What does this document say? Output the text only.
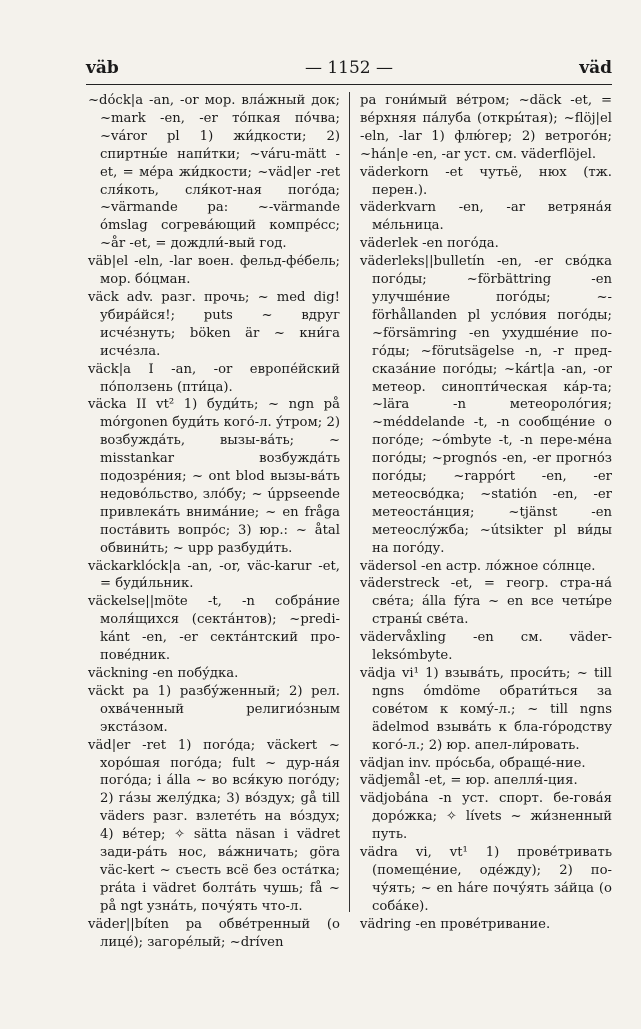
väb	— 1152 —	väd

~dóck|a -an, -or мор. вла́жный док; ~mark -en, -er то́пкая по́чва; ~váror pl 1) жи́дкости; 2) спиртны́е напи́тки; ~váru-mätt -et, = ме́ра жи́дкости; ~väd|er -ret сля́коть, сля́кот-ная пого́да; ~värmande pa: ~-värmande ómslag согрева́ющий компре́сс; ~år -et, = дождли́-вый год.

väb|el -eln, -lar воен. фельд-фе́бель; мор. бо́цман.

väck adv. разг. прочь; ~ med dig! убира́йся!; puts ~ вдруг исче́знуть; böken är ~ кни́га исче́зла.

väck|a I -an, -or европе́йский по́ползень (пти́ца).

väcka II vt² 1) буди́ть; ~ ngn på mórgonen буди́ть кого́-л. у́тром; 2) возбужда́ть, вызы-ва́ть; ~ misstankar возбужда́ть подозре́ния; ~ ont blod вызы-ва́ть недово́льство, зло́бу; ~ úppseende привлека́ть внима́ние; ~ en fråga поста́вить вопро́с; 3) юр.: ~ åtal обвини́ть; ~ upp разбуди́ть.

väckarklóck|a -an, -or, väc-karur -et, = буди́льник.

väckelse||möte -t, -n собра́ние моля́щихся (секта́нтов); ~predi-kánt -en, -er секта́нтский про-пове́дник.

väckning -en побу́дка.

väckt pa 1) разбу́женный; 2) рел. охва́ченный религио́зным экста́зом.

väd|er -ret 1) пого́да; väckert ~ хоро́шая пого́да; fult ~ дур-на́я пого́да; i álla ~ во вся́кую пого́ду; 2) га́зы желу́дка; 3) во́здух; gå till väders разг. взлете́ть на во́здух; 4) ве́тер; ✧ sätta näsan i vädret зади-ра́ть нос, ва́жничать; göra väc-kert ~ съесть всё без оста́тка; práta i vädret болта́ть чушь; få ~ på ngt узна́ть, почу́ять что-л.

väder||bíten pa обве́тренный (о лице́); загоре́лый; ~dríven

pa гони́мый ве́тром; ~däck -et, = ве́рхняя па́луба (откры́тая); ~flöj|el -eln, -lar 1) флю́гер; 2) ветрого́н; ~hán|e -en, -ar уст. см. väderflöjel.

väderkorn -et чутьё, нюх (тж. перен.).

väderkvarn -en, -ar ветряна́я ме́льница.

väderlek -en пого́да.

väderleks||bulletín -en, -er сво́дка пого́ды; ~förbättring -en улучше́ние пого́ды; ~-förhållanden pl усло́вия пого́ды; ~försämring -en ухудше́ние по-го́ды; ~förutsägelse -n, -r пред-сказа́ние пого́ды; ~kárt|a -an, -or метеор. синопти́ческая ка́р-та; ~lära -n метеороло́гия; ~méddelande -t, -n сообще́ние о пого́де; ~ómbyte -t, -n пере-ме́на пого́ды; ~prognós -en, -er прогно́з пого́ды; ~rappórt -en, -er метеосво́дка; ~statión -en, -er метеоста́нция; ~tjänst -en метеослу́жба; ~útsikter pl ви́ды на пого́ду.

vädersol -en астр. ло́жное со́лнце.

väderstreck -et, = геогр. стра-на́ све́та; álla fýra ~ en все четы́ре страны́ све́та.

vädervåxling -en см. väder-leksómbyte.

vädja vi¹ 1) взыва́ть, проси́ть; ~ till ngns ómdöme обрати́ться за сове́том к кому́-л.; ~ till ngns ädelmod взыва́ть к бла-го́родству кого́-л.; 2) юр. апел-ли́ровать.

vädjan inv. про́сьба, обраще́-ние.

vädjemål -et, = юр. апелля́-ция.

vädjobána -n уст. спорт. бе-гова́я доро́жка; ✧ lívets ~ жи́зненный путь.

vädra vi, vt¹ 1) прове́тривать (помеще́ние, оде́жду); 2) по-чу́ять; ~ en háre почу́ять за́йца (о соба́ке).

vädring -en прове́тривание.
